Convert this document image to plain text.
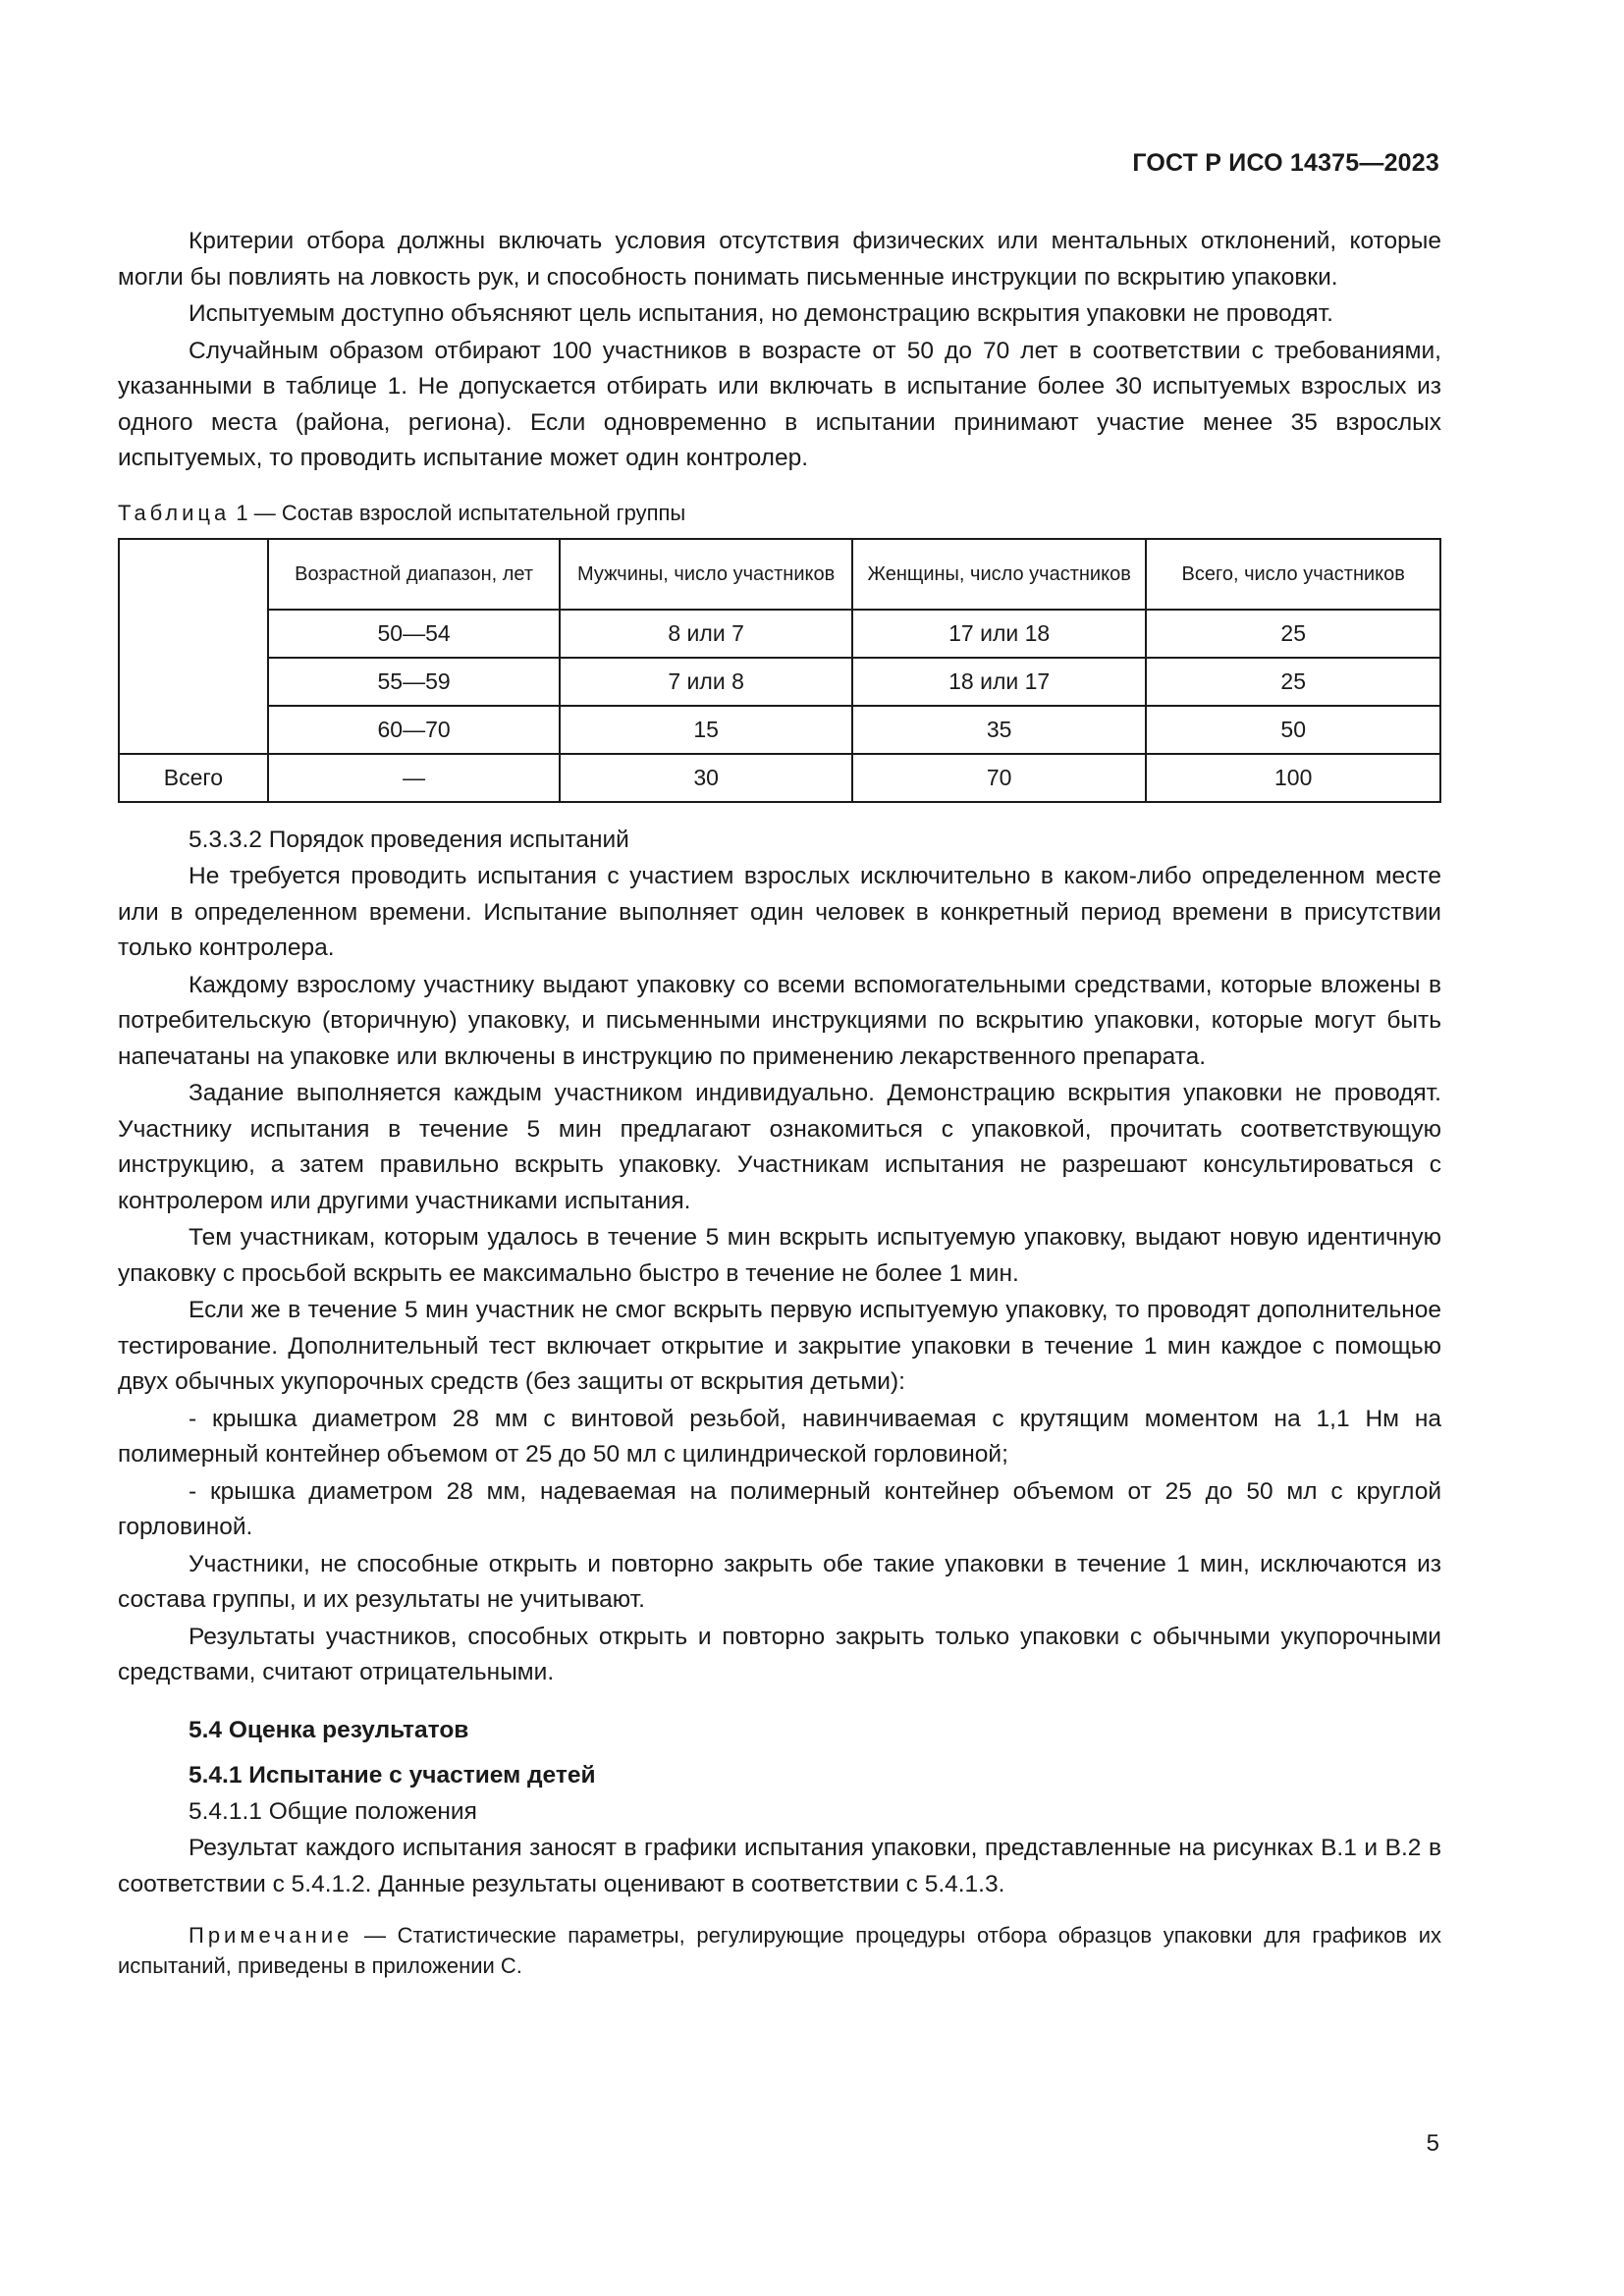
ГОСТ Р ИСО 14375—2023

Критерии отбора должны включать условия отсутствия физических или ментальных отклонений, которые могли бы повлиять на ловкость рук, и способность понимать письменные инструкции по вскрытию упаковки.

Испытуемым доступно объясняют цель испытания, но демонстрацию вскрытия упаковки не проводят.

Случайным образом отбирают 100 участников в возрасте от 50 до 70 лет в соответствии с требованиями, указанными в таблице 1. Не допускается отбирать или включать в испытание более 30 испытуемых взрослых из одного места (района, региона). Если одновременно в испытании принимают участие менее 35 взрослых испытуемых, то проводить испытание может один контролер.

Таблица 1 — Состав взрослой испытательной группы
	Возрастной диапазон, лет	Мужчины, число участников	Женщины, число участников	Всего, число участников
	50—54	8 или 7	17 или 18	25
	55—59	7 или 8	18 или 17	25
	60—70	15	35	50
Всего	—	30	70	100

5.3.3.2 Порядок проведения испытаний

Не требуется проводить испытания с участием взрослых исключительно в каком-либо определенном месте или в определенном времени. Испытание выполняет один человек в конкретный период времени в присутствии только контролера.

Каждому взрослому участнику выдают упаковку со всеми вспомогательными средствами, которые вложены в потребительскую (вторичную) упаковку, и письменными инструкциями по вскрытию упаковки, которые могут быть напечатаны на упаковке или включены в инструкцию по применению лекарственного препарата.

Задание выполняется каждым участником индивидуально. Демонстрацию вскрытия упаковки не проводят. Участнику испытания в течение 5 мин предлагают ознакомиться с упаковкой, прочитать соответствующую инструкцию, а затем правильно вскрыть упаковку. Участникам испытания не разрешают консультироваться с контролером или другими участниками испытания.

Тем участникам, которым удалось в течение 5 мин вскрыть испытуемую упаковку, выдают новую идентичную упаковку с просьбой вскрыть ее максимально быстро в течение не более 1 мин.

Если же в течение 5 мин участник не смог вскрыть первую испытуемую упаковку, то проводят дополнительное тестирование. Дополнительный тест включает открытие и закрытие упаковки в течение 1 мин каждое с помощью двух обычных укупорочных средств (без защиты от вскрытия детьми):

- крышка диаметром 28 мм с винтовой резьбой, навинчиваемая с крутящим моментом на 1,1 Нм на полимерный контейнер объемом от 25 до 50 мл с цилиндрической горловиной;

- крышка диаметром 28 мм, надеваемая на полимерный контейнер объемом от 25 до 50 мл с круглой горловиной.

Участники, не способные открыть и повторно закрыть обе такие упаковки в течение 1 мин, исключаются из состава группы, и их результаты не учитывают.

Результаты участников, способных открыть и повторно закрыть только упаковки с обычными укупорочными средствами, считают отрицательными.

5.4 Оценка результатов

5.4.1 Испытание с участием детей

5.4.1.1 Общие положения

Результат каждого испытания заносят в графики испытания упаковки, представленные на рисунках B.1 и B.2 в соответствии с 5.4.1.2. Данные результаты оценивают в соответствии с 5.4.1.3.

Примечание — Статистические параметры, регулирующие процедуры отбора образцов упаковки для графиков их испытаний, приведены в приложении С.

5
